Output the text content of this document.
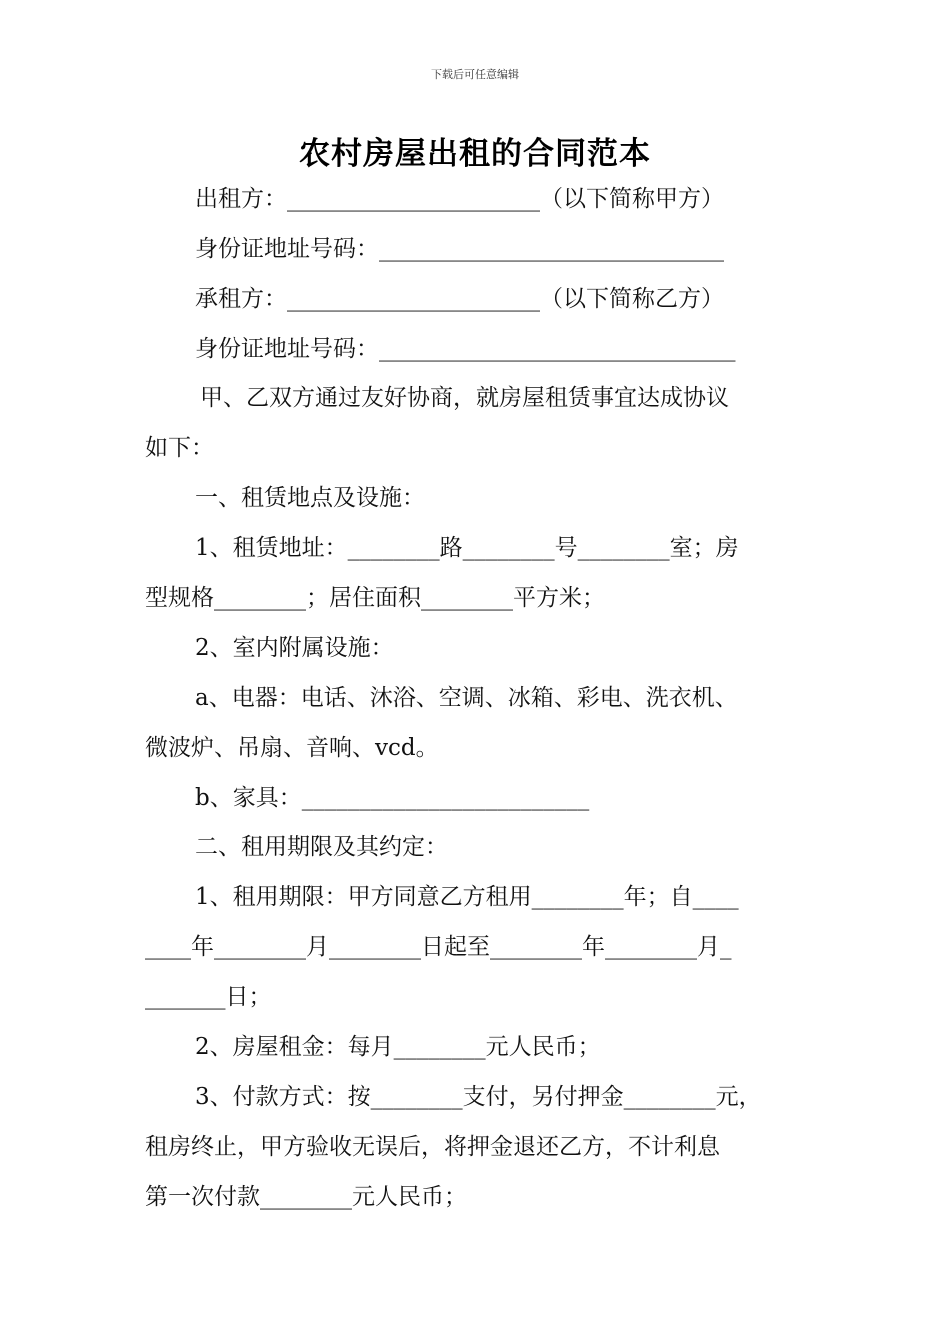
下载后可任意编辑
农村房屋出租的合同范本
出租方：______________________（以下简称甲方）
身份证地址号码：______________________________
承租方：______________________（以下简称乙方）
身份证地址号码：_______________________________
甲、乙双方通过友好协商，就房屋租赁事宜达成协议
如下：
一、租赁地点及设施：
1、租赁地址：________路________号________室；房
型规格________；居住面积________平方米；
2、室内附属设施：
a、电器：电话、沐浴、空调、冰箱、彩电、洗衣机、
微波炉、吊扇、音响、vcd。
b、家具：_________________________
二、租用期限及其约定：
1、租用期限：甲方同意乙方租用________年；自____
____年________月________日起至________年________月_
_______日；
2、房屋租金：每月________元人民币；
3、付款方式：按________支付，另付押金________元，
租房终止，甲方验收无误后，将押金退还乙方，不计利息
第一次付款________元人民币；
